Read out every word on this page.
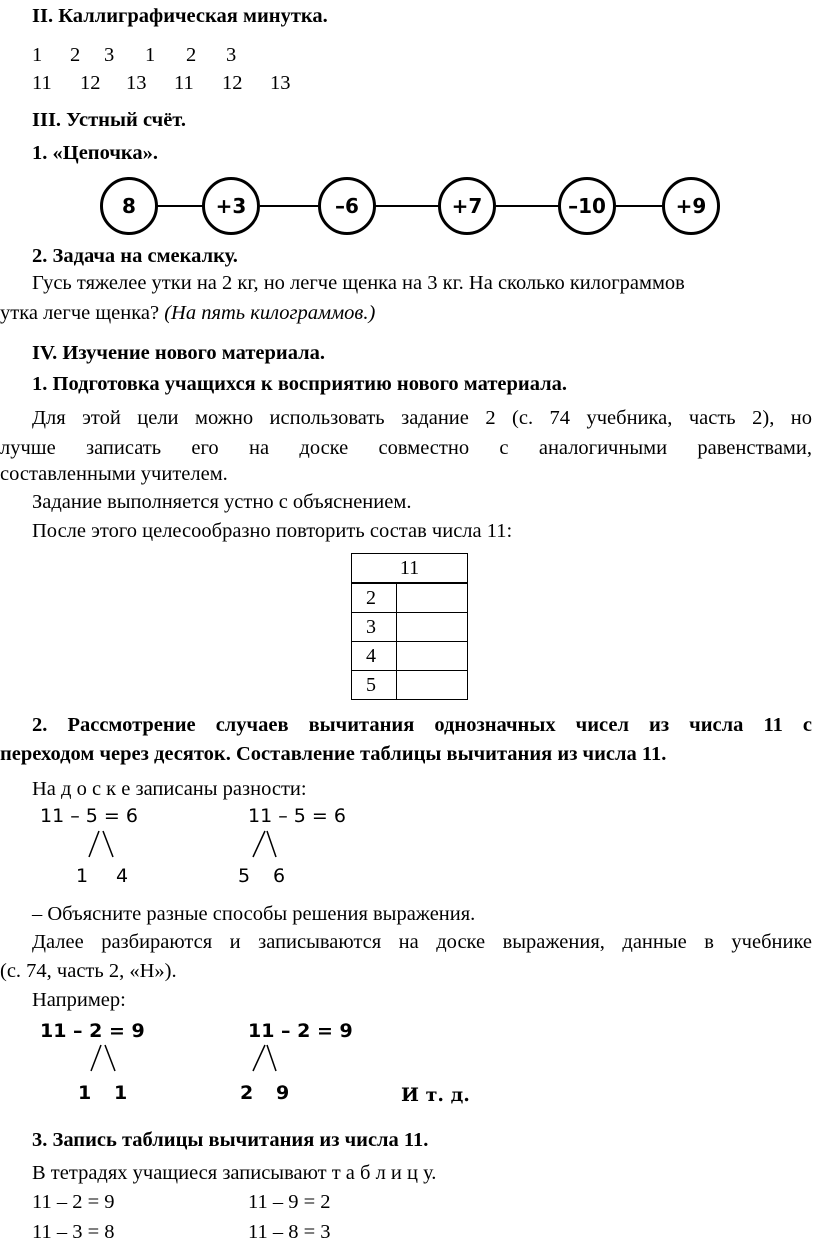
II. Каллиграфическая минутка.
1 2 3 1 2 3
11 12 13 11 12 13
III. Устный счёт.
1. «Цепочка».
8	+3	–6	+7	–10	+9
2. Задача на смекалку.
Гусь тяжелее утки на 2 кг, но легче щенка на 3 кг. На сколько килограммов
утка легче щенка? (На пять килограммов.)
IV. Изучение нового материала.
1. Подготовка учащихся к восприятию нового материала.
Для этой цели можно использовать задание 2 (с. 74 учебника, часть 2), но
лучше записать его на доске совместно с аналогичными равенствами,
составленными учителем.
Задание выполняется устно с объяснением.
После этого целесообразно повторить состав числа 11:
11	
2	
3	
4	
5	
2. Рассмотрение случаев вычитания однозначных чисел из числа 11 с
переходом через десяток. Составление таблицы вычитания из числа 11.
На д о с к е записаны разности:
11 – 5 = 6
1 4
11 – 5 = 6
5 6
– Объясните разные способы решения выражения.
Далее разбираются и записываются на доске выражения, данные в учебнике
(с. 74, часть 2, «Н»).
Например:
11 – 2 = 9
1 1
11 – 2 = 9
2 9	И т. д.
3. Запись таблицы вычитания из числа 11.
В тетрадях учащиеся записывают т а б л и ц у.
11 – 2 = 9	11 – 9 = 2
11 – 3 = 8	11 – 8 = 3
